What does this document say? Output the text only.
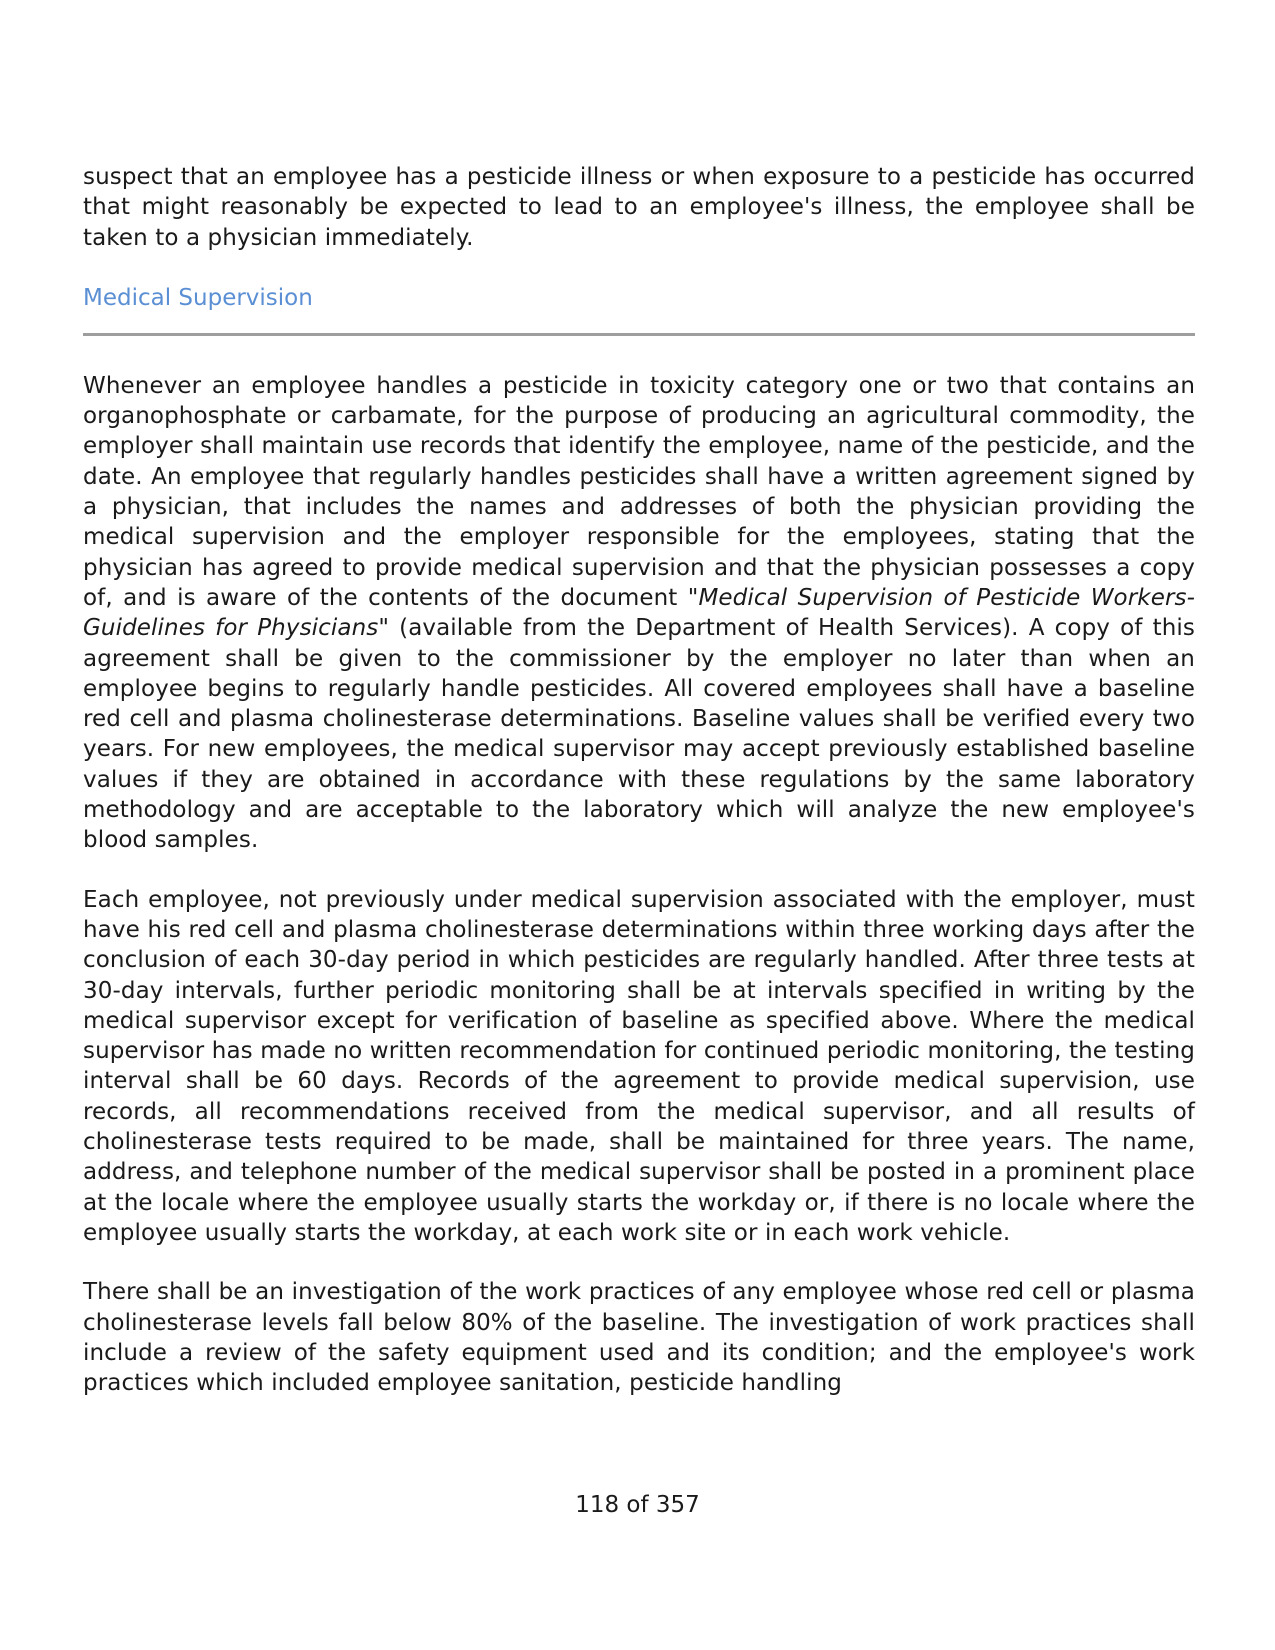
suspect that an employee has a pesticide illness or when exposure to a pesticide has occurred that might reasonably be expected to lead to an employee's illness, the employee shall be taken to a physician immediately.

Medical Supervision

Whenever an employee handles a pesticide in toxicity category one or two that contains an organophosphate or carbamate, for the purpose of producing an agricultural commodity, the employer shall maintain use records that identify the employee, name of the pesticide, and the date. An employee that regularly handles pesticides shall have a written agreement signed by a physician, that includes the names and addresses of both the physician providing the medical supervision and the employer responsible for the employees, stating that the physician has agreed to provide medical supervision and that the physician possesses a copy of, and is aware of the contents of the document "Medical Supervision of Pesticide Workers-Guidelines for Physicians" (available from the Department of Health Services). A copy of this agreement shall be given to the commissioner by the employer no later than when an employee begins to regularly handle pesticides. All covered employees shall have a baseline red cell and plasma cholinesterase determinations. Baseline values shall be verified every two years. For new employees, the medical supervisor may accept previously established baseline values if they are obtained in accordance with these regulations by the same laboratory methodology and are acceptable to the laboratory which will analyze the new employee's blood samples.

Each employee, not previously under medical supervision associated with the employer, must have his red cell and plasma cholinesterase determinations within three working days after the conclusion of each 30-day period in which pesticides are regularly handled. After three tests at 30-day intervals, further periodic monitoring shall be at intervals specified in writing by the medical supervisor except for verification of baseline as specified above. Where the medical supervisor has made no written recommendation for continued periodic monitoring, the testing interval shall be 60 days. Records of the agreement to provide medical supervision, use records, all recommendations received from the medical supervisor, and all results of cholinesterase tests required to be made, shall be maintained for three years. The name, address, and telephone number of the medical supervisor shall be posted in a prominent place at the locale where the employee usually starts the workday or, if there is no locale where the employee usually starts the workday, at each work site or in each work vehicle.

There shall be an investigation of the work practices of any employee whose red cell or plasma cholinesterase levels fall below 80% of the baseline. The investigation of work practices shall include a review of the safety equipment used and its condition; and the employee's work practices which included employee sanitation, pesticide handling

118 of 357
